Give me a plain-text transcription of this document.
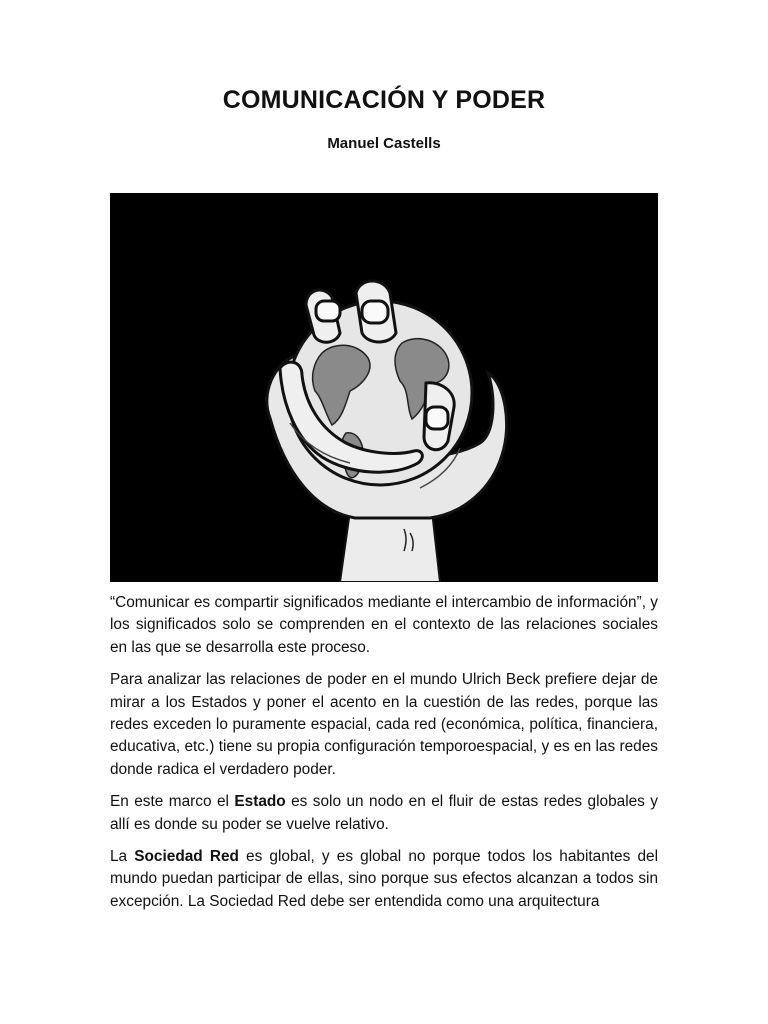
COMUNICACIÓN Y PODER
Manuel Castells

“Comunicar es compartir significados mediante el intercambio de información”, y los significados solo se comprenden en el contexto de las relaciones sociales en las que se desarrolla este proceso.

Para analizar las relaciones de poder en el mundo Ulrich Beck prefiere dejar de mirar a los Estados y poner el acento en la cuestión de las redes, porque las redes exceden lo puramente espacial, cada red (económica, política, financiera, educativa, etc.) tiene su propia configuración temporoespacial, y es en las redes donde radica el verdadero poder.

En este marco el Estado es solo un nodo en el fluir de estas redes globales y allí es donde su poder se vuelve relativo.

La Sociedad Red es global, y es global no porque todos los habitantes del mundo puedan participar de ellas, sino porque sus efectos alcanzan a todos sin excepción. La Sociedad Red debe ser entendida como una arquitectura
